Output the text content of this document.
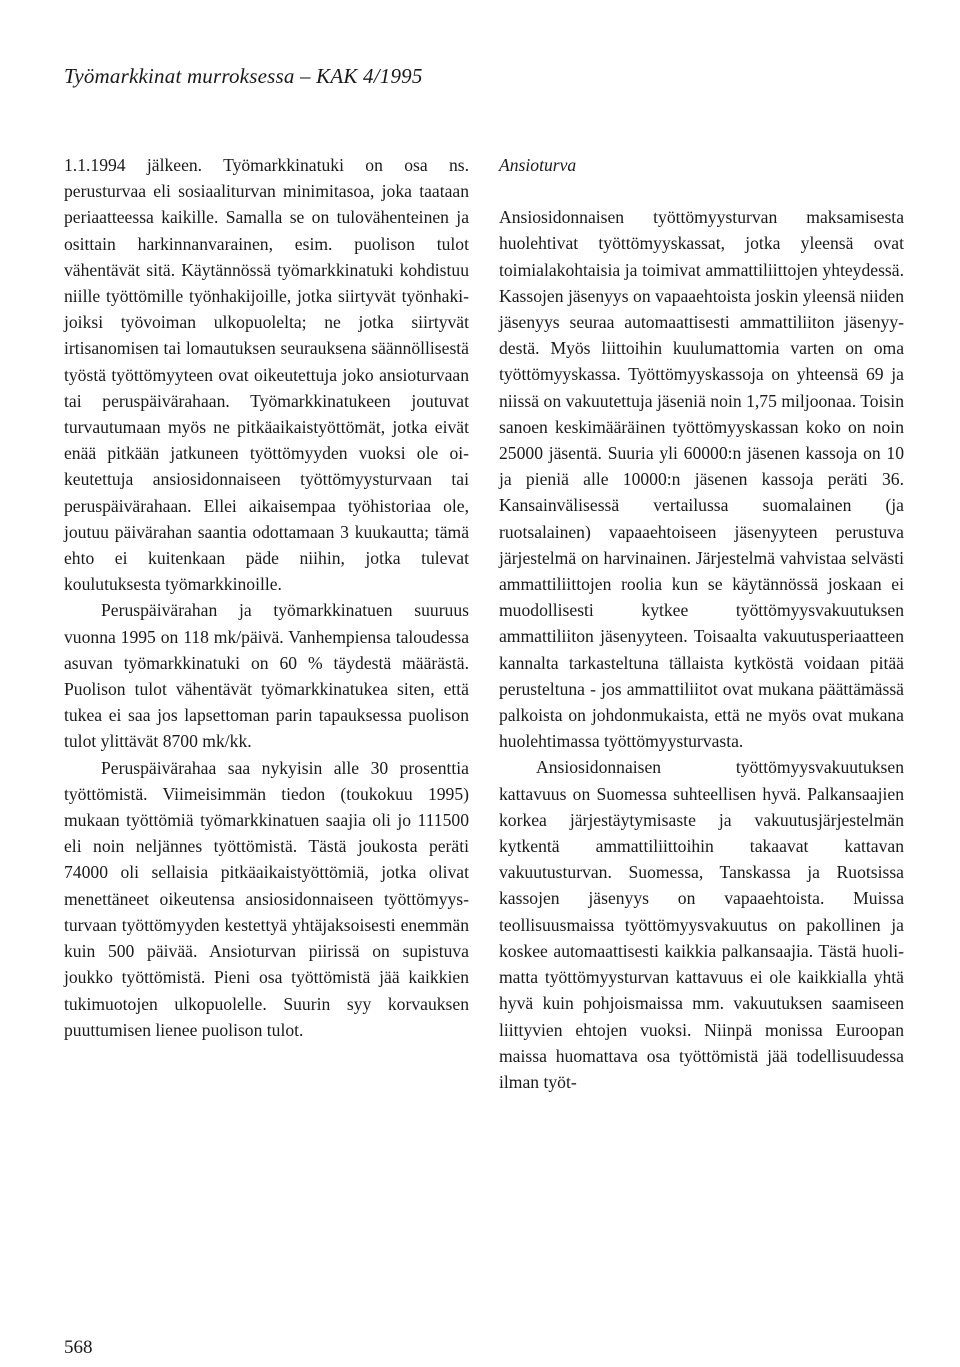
Työmarkkinat murroksessa – KAK 4/1995

1.1.1994 jälkeen. Työmarkkinatuki on osa ns. perusturvaa eli sosiaaliturvan minimitasoa, joka taataan periaatteessa kaikille. Samalla se on tulovähenteinen ja osittain harkinnanvarainen, esim. puolison tulot vähentävät sitä. Käytännössä työmarkkinatuki kohdistuu niille työttömille työnhakijoille, jotka siirtyvät työnhakijoiksi työvoiman ulkopuolelta; ne jotka siirtyvät irtisanomisen tai lomautuksen seurauksena säännöllisestä työstä työttömyyteen ovat oikeutettuja joko ansioturvaan tai peruspäivärahaan. Työmarkkinatukeen joutuvat turvautumaan myös ne pitkäaikaistyöttömät, jotka eivät enää pitkään jatkuneen työttömyyden vuoksi ole oikeutettuja ansiosidonnaiseen työttömyysturvaan tai peruspäivärahaan. Ellei aikaisempaa työhistoriaa ole, joutuu päivärahan saantia odottamaan 3 kuukautta; tämä ehto ei kuitenkaan päde niihin, jotka tulevat koulutuksesta työmarkkinoille.

Peruspäivärahan ja työmarkkinatuen suuruus vuonna 1995 on 118 mk/päivä. Vanhempiensa taloudessa asuvan työmarkkinatuki on 60 % täydestä määrästä. Puolison tulot vähentävät työmarkkinatukea siten, että tukea ei saa jos lapsettoman parin tapauksessa puolison tulot ylittävät 8700 mk/kk.

Peruspäivärahaa saa nykyisin alle 30 prosenttia työttömistä. Viimeisimmän tiedon (toukokuu 1995) mukaan työttömiä työmarkkinatuen saajia oli jo 111500 eli noin neljännes työttömistä. Tästä joukosta peräti 74000 oli sellaisia pitkäaikaistyöttömiä, jotka olivat menettäneet oikeutensa ansiosidonnaiseen työttömyysturvaan työttömyyden kestettyä yhtäjaksoisesti enemmän kuin 500 päivää. Ansioturvan piirissä on supistuva joukko työttömistä. Pieni osa työttömistä jää kaikkien tukimuotojen ulkopuolelle. Suurin syy korvauksen puuttumisen lienee puolison tulot.

Ansioturva

Ansiosidonnaisen työttömyysturvan maksamisesta huolehtivat työttömyyskassat, jotka yleensä ovat toimialakohtaisia ja toimivat ammattiliittojen yhteydessä. Kassojen jäsenyys on vapaaehtoista joskin yleensä niiden jäsenyys seuraa automaattisesti ammattiliiton jäsenyydestä. Myös liittoihin kuulumattomia varten on oma työttömyyskassa. Työttömyyskassoja on yhteensä 69 ja niissä on vakuutettuja jäseniä noin 1,75 miljoonaa. Toisin sanoen keskimääräinen työttömyyskassan koko on noin 25000 jäsentä. Suuria yli 60000:n jäsenen kassoja on 10 ja pieniä alle 10000:n jäsenen kassoja peräti 36. Kansainvälisessä vertailussa suomalainen (ja ruotsalainen) vapaaehtoiseen jäsenyyteen perustuva järjestelmä on harvinainen. Järjestelmä vahvistaa selvästi ammattiliittojen roolia kun se käytännössä joskaan ei muodollisesti kytkee työttömyysvakuutuksen ammattiliiton jäsenyyteen. Toisaalta vakuutusperiaatteen kannalta tarkasteltuna tällaista kytköstä voidaan pitää perusteltuna - jos ammattiliitot ovat mukana päättämässä palkoista on johdonmukaista, että ne myös ovat mukana huolehtimassa työttömyysturvasta.

Ansiosidonnaisen työttömyysvakuutuksen kattavuus on Suomessa suhteellisen hyvä. Palkansaajien korkea järjestäytymisaste ja vakuutusjärjestelmän kytkentä ammattiliittoihin takaavat kattavan vakuutusturvan. Suomessa, Tanskassa ja Ruotsissa kassojen jäsenyys on vapaaehtoista. Muissa teollisuusmaissa työttömyysvakuutus on pakollinen ja koskee automaattisesti kaikkia palkansaajia. Tästä huolimatta työttömyysturvan kattavuus ei ole kaikkialla yhtä hyvä kuin pohjoismaissa mm. vakuutuksen saamiseen liittyvien ehtojen vuoksi. Niinpä monissa Euroopan maissa huomattava osa työttömistä jää todellisuudessa ilman työt-

568
